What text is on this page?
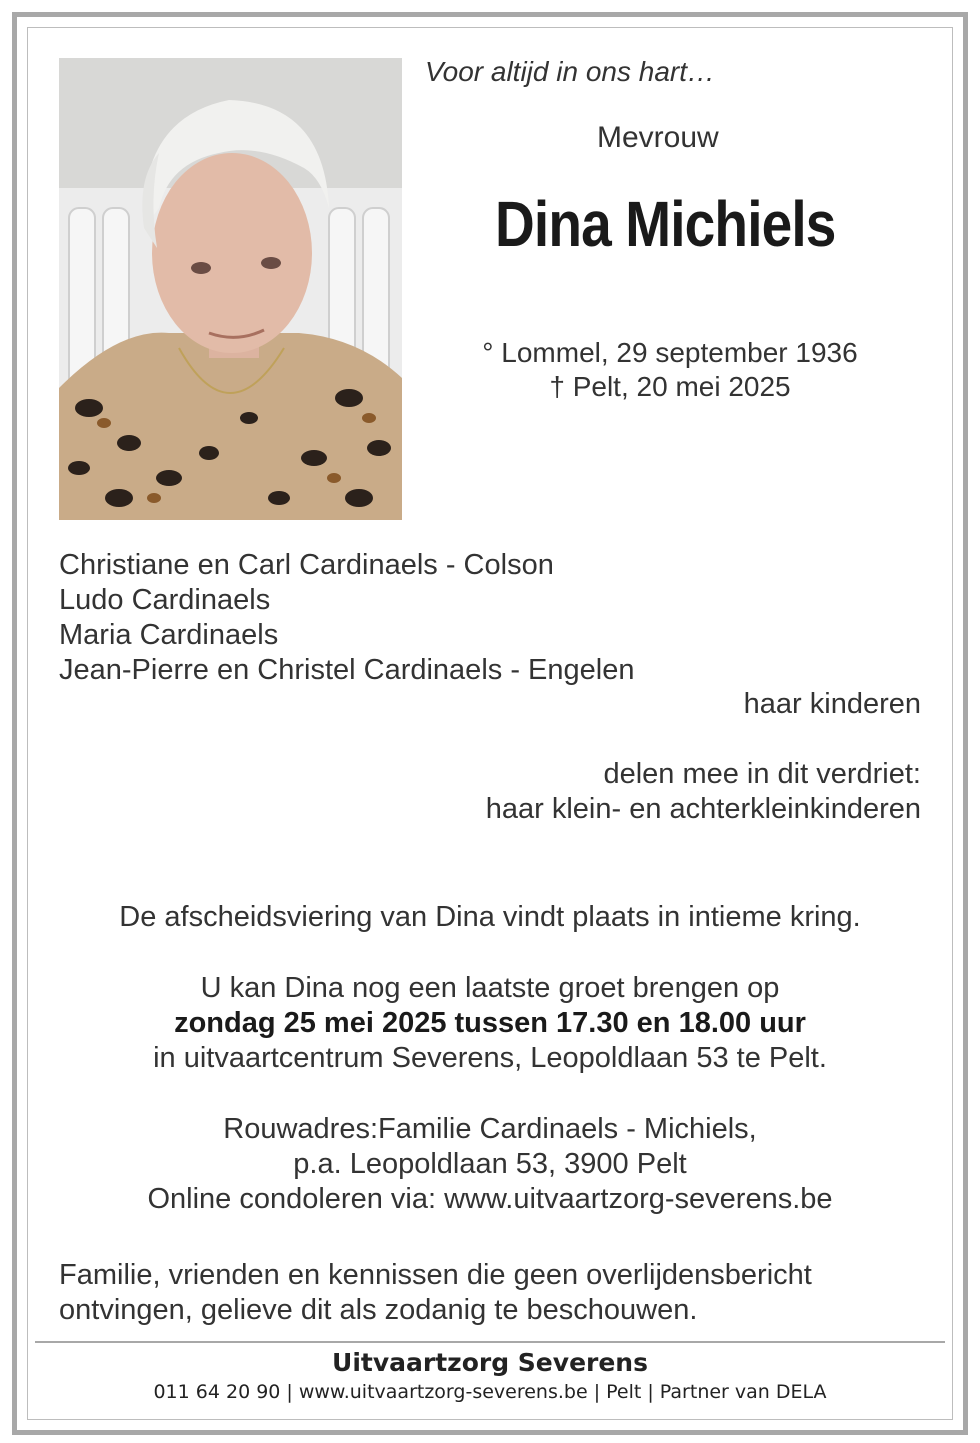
Voor altijd in ons hart…
Mevrouw
Dina Michiels
° Lommel, 29 september 1936
† Pelt, 20 mei 2025
Christiane en Carl Cardinaels - Colson
Ludo Cardinaels
Maria Cardinaels
Jean-Pierre en Christel Cardinaels - Engelen
haar kinderen
delen mee in dit verdriet:
haar klein- en achterkleinkinderen
De afscheidsviering van Dina vindt plaats in intieme kring.
U kan Dina nog een laatste groet brengen op
zondag 25 mei 2025 tussen 17.30 en 18.00 uur
in uitvaartcentrum Severens, Leopoldlaan 53 te Pelt.
Rouwadres:Familie Cardinaels - Michiels,
p.a. Leopoldlaan 53, 3900 Pelt
Online condoleren via: www.uitvaartzorg-severens.be
Familie, vrienden en kennissen die geen overlijdensbericht
ontvingen, gelieve dit als zodanig te beschouwen.
Uitvaartzorg Severens
011 64 20 90 | www.uitvaartzorg-severens.be | Pelt | Partner van DELA
